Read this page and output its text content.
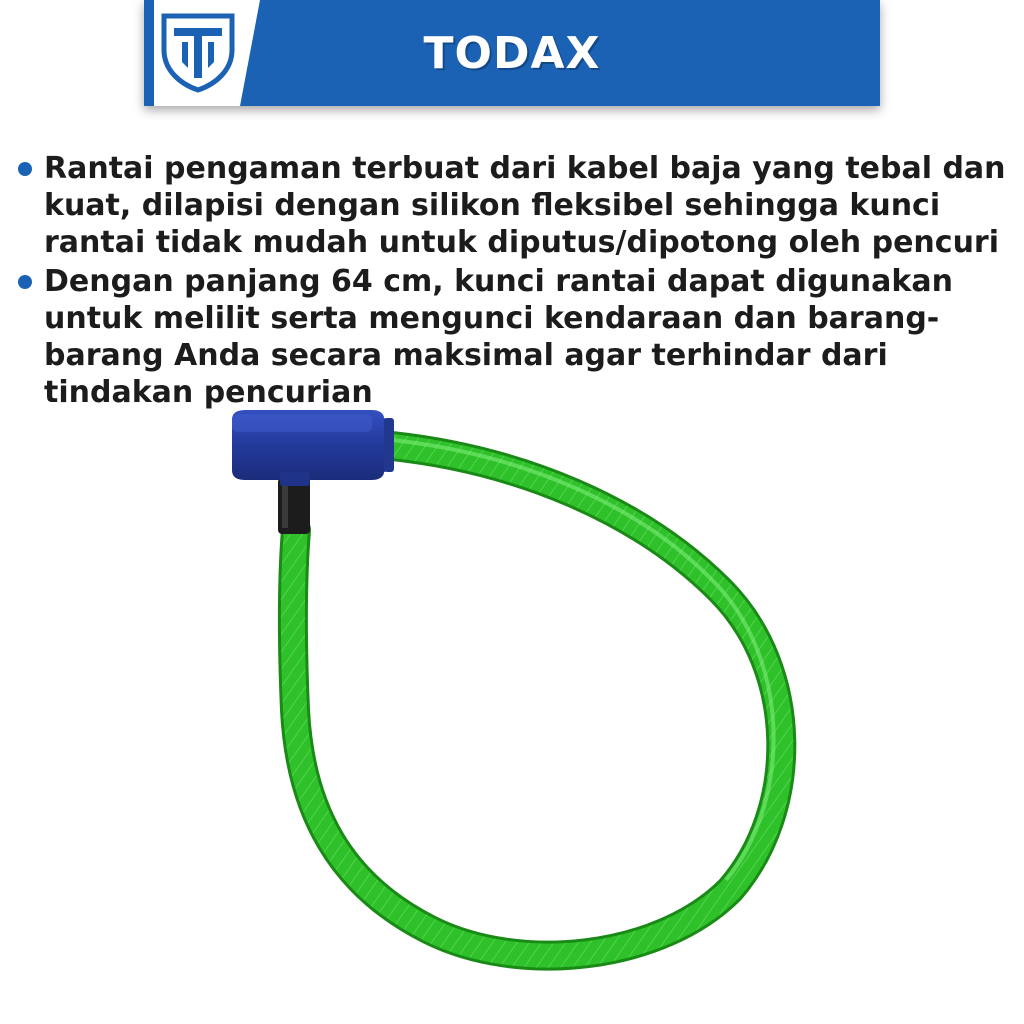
TODAX
Rantai pengaman terbuat dari kabel baja yang tebal dan kuat, dilapisi dengan silikon fleksibel sehingga kunci rantai tidak mudah untuk diputus/dipotong oleh pencuri
Dengan panjang 64 cm, kunci rantai dapat digunakan untuk melilit serta mengunci kendaraan dan barang-barang Anda secara maksimal agar terhindar dari tindakan pencurian
